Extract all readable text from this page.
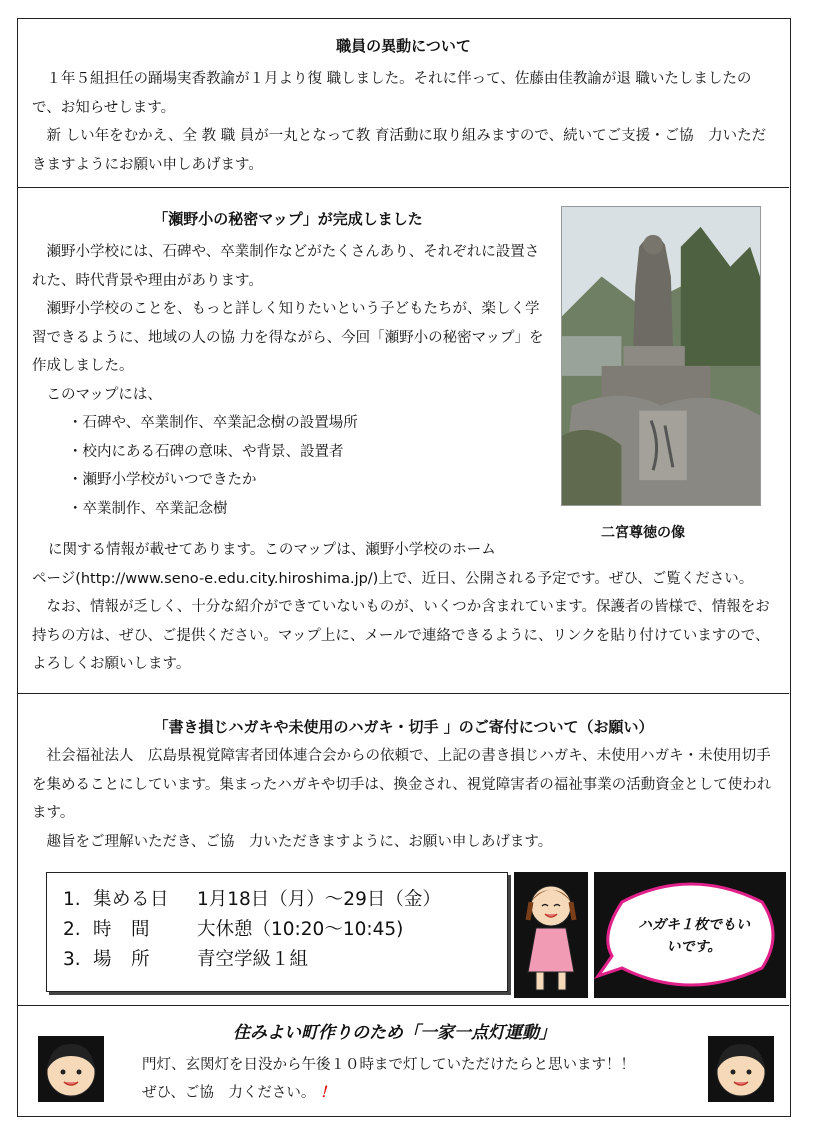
職員の異動について

１年５組担任の踊場実香教諭が１月より復 職しました。それに伴って、佐藤由佳教諭が退 職いたしましたので、お知らせします。

新 しい年をむかえ、全 教 職 員が一丸となって教 育活動に取り組みますので、続いてご支援・ご協　力いただきますようにお願い申しあげます。

「瀬野小の秘密マップ」が完成しました

瀬野小学校には、石碑や、卒業制作などがたくさんあり、それぞれに設置された、時代背景や理由があります。

瀬野小学校のことを、もっと詳しく知りたいという子どもたちが、楽しく学習できるように、地域の人の協 力を得ながら、今回「瀬野小の秘密マップ」を作成しました。

このマップには、

・石碑や、卒業制作、卒業記念樹の設置場所
・校内にある石碑の意味、や背景、設置者
・瀬野小学校がいつできたか
・卒業制作、卒業記念樹
二宮尊徳の像

に関する情報が載せてあります。このマップは、瀬野小学校のホーム

ページ(http://www.seno-e.edu.city.hiroshima.jp/)上で、近日、公開される予定です。ぜひ、ご覧ください。

なお、情報が乏しく、十分な紹介ができていないものが、いくつか含まれています。保護者の皆様で、情報をお持ちの方は、ぜひ、ご提供ください。マップ上に、メールで連絡できるように、リンクを貼り付けていますので、よろしくお願いします。

「書き損じハガキや未使用のハガキ・切手 」のご寄付について（お願い）

社会福祉法人　広島県視覚障害者団体連合会からの依頼で、上記の書き損じハガキ、未使用ハガキ・未使用切手を集めることにしています。集まったハガキや切手は、換金され、視覚障害者の福祉事業の活動資金として使われます。

趣旨をご理解いただき、ご協　力いただきますように、お願い申しあげます。

1. 集める日	1月18日（月）～29日（金）
2. 時　間	大休憩（10:20～10:45)
3. 場　所	青空学級１組
ハガキ１枚でもいいです。
住みよい町作りのため「一家一点灯運動」
門灯、玄関灯を日没から午後１０時まで灯していただけたらと思います！！
ぜひ、ご協　力ください。 ！
